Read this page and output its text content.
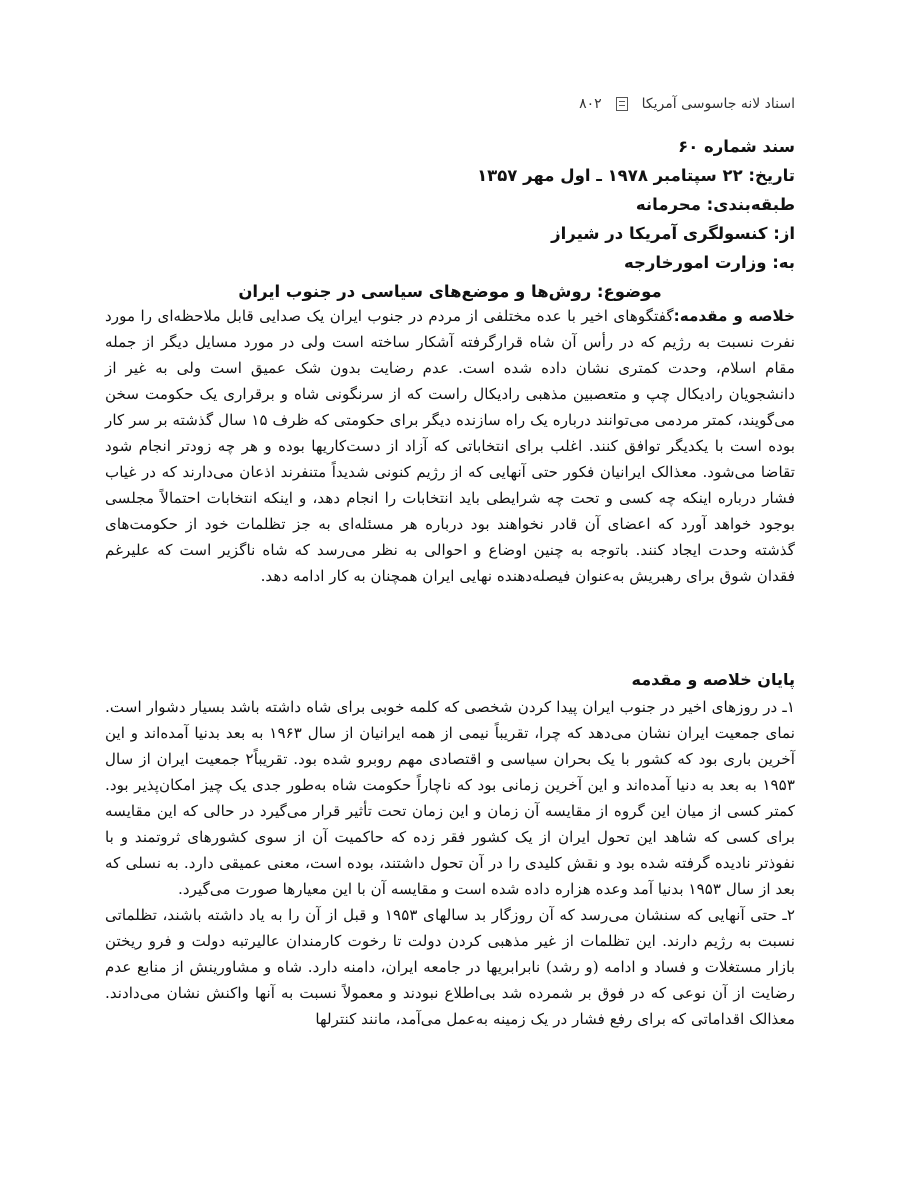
اسناد لانه جاسوسی آمریکا
۸۰۲
سند شماره ۶۰
تاریخ: ۲۲ سپتامبر ۱۹۷۸ ـ اول مهر ۱۳۵۷
طبقه‌بندی: محرمانه
از: کنسولگری آمریکا در شیراز
به: وزارت امورخارجه
موضوع: روش‌ها و موضع‌های سیاسی در جنوب ایران

خلاصه و مقدمه:گفتگوهای اخیر با عده مختلفی از مردم در جنوب ایران یک صدایی قابل ملاحظه‌ای را مورد نفرت نسبت به رژیم که در رأس آن شاه قرارگرفته آشکار ساخته است ولی در مورد مسایل دیگر از جمله مقام اسلام، وحدت کمتری نشان داده شده است. عدم رضایت بدون شک عمیق است ولی به غیر از دانشجویان رادیکال چپ و متعصبین مذهبی رادیکال راست که از سرنگونی شاه و برقراری یک حکومت سخن می‌گویند، کمتر مردمی می‌توانند درباره یک راه سازنده دیگر برای حکومتی که ظرف ۱۵ سال گذشته بر سر کار بوده است با یکدیگر توافق کنند. اغلب برای انتخاباتی که آزاد از دست‌کاریها بوده و هر چه زودتر انجام شود تقاضا می‌شود. معذالک ایرانیان فکور حتی آنهایی که از رژیم کنونی شدیداً متنفرند اذعان می‌دارند که در غیاب فشار درباره اینکه چه کسی و تحت چه شرایطی باید انتخابات را انجام دهد، و اینکه انتخابات احتمالاً مجلسی بوجود خواهد آورد که اعضای آن قادر نخواهند بود درباره هر مسئله‌ای به جز تظلمات خود از حکومت‌های گذشته وحدت ایجاد کنند. باتوجه به چنین اوضاع و احوالی به نظر می‌رسد که شاه ناگزیر است که علیرغم فقدان شوق برای رهبریش به‌عنوان فیصله‌دهنده نهایی ایران همچنان به کار ادامه دهد.

پایان خلاصه و مقدمه

۱ـ در روزهای اخیر در جنوب ایران پیدا کردن شخصی که کلمه خوبی برای شاه داشته باشد بسیار دشوار است. نمای جمعیت ایران نشان می‌دهد که چرا، تقریباً نیمی از همه ایرانیان از سال ۱۹۶۳ به بعد بدنیا آمده‌اند و این آخرین باری بود که کشور با یک بحران سیاسی و اقتصادی مهم روبرو شده بود. تقریباً۲ جمعیت ایران از سال ۱۹۵۳ به بعد به دنیا آمده‌اند و این آخرین زمانی بود که ناچاراً حکومت شاه به‌طور جدی یک چیز امکان‌پذیر بود. کمتر کسی از میان این گروه از مقایسه آن زمان و این زمان تحت تأثیر قرار می‌گیرد در حالی که این مقایسه برای کسی که شاهد این تحول ایران از یک کشور فقر زده که حاکمیت آن از سوی کشورهای ثروتمند و با نفوذتر نادیده گرفته شده بود و نقش کلیدی را در آن تحول داشتند، بوده است، معنی عمیقی دارد. به نسلی که بعد از سال ۱۹۵۳ بدنیا آمد وعده هزاره داده شده است و مقایسه آن با این معیارها صورت می‌گیرد.

۲ـ حتی آنهایی که سنشان می‌رسد که آن روزگار بد سالهای ۱۹۵۳ و قبل از آن را به یاد داشته باشند، تظلماتی نسبت به رژیم دارند. این تظلمات از غیر مذهبی کردن دولت تا رخوت کارمندان عالیرتبه دولت و فرو ریختن بازار مستغلات و فساد و ادامه (و رشد) نابرابریها در جامعه ایران، دامنه دارد. شاه و مشاورینش از منابع عدم رضایت از آن نوعی که در فوق بر شمرده شد بی‌اطلاع نبودند و معمولاً نسبت به آنها واکنش نشان می‌دادند. معذالک اقداماتی که برای رفع فشار در یک زمینه به‌عمل می‌آمد، مانند کنترلها
